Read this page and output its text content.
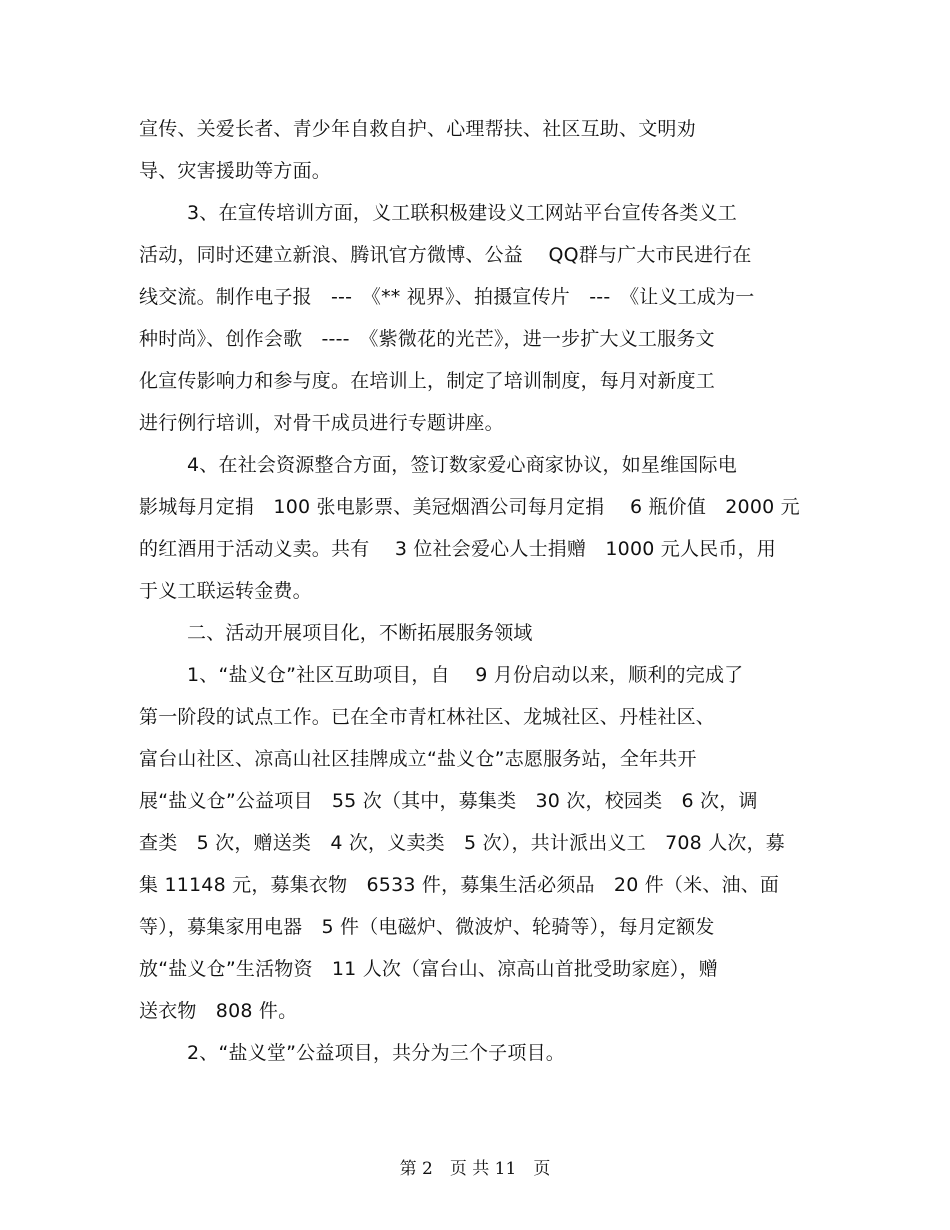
宣传、关爱长者、青少年自救自护、心理帮扶、社区互助、文明劝
导、灾害援助等方面。
3、在宣传培训方面，义工联积极建设义工网站平台宣传各类义工
活动，同时还建立新浪、腾讯官方微博、公益　 QQ群与广大市民进行在
线交流。制作电子报　---　《** 视界》、拍摄宣传片　---　《让义工成为一
种时尚》、创作会歌　----　《紫微花的光芒》，进一步扩大义工服务文
化宣传影响力和参与度。在培训上，制定了培训制度，每月对新度工
进行例行培训，对骨干成员进行专题讲座。
4、在社会资源整合方面，签订数家爱心商家协议，如星维国际电
影城每月定捐　100 张电影票、美冠烟酒公司每月定捐　 6 瓶价值　2000 元
的红酒用于活动义卖。共有　 3 位社会爱心人士捐赠　1000 元人民币，用
于义工联运转金费。
二、活动开展项目化，不断拓展服务领域
1、“盐义仓”社区互助项目，自　 9 月份启动以来，顺利的完成了
第一阶段的试点工作。已在全市青杠林社区、龙城社区、丹桂社区、
富台山社区、凉高山社区挂牌成立“盐义仓”志愿服务站，全年共开
展“盐义仓”公益项目　55 次（其中，募集类　30 次，校园类　6 次，调
查类　5 次，赠送类　4 次，义卖类　5 次），共计派出义工　708 人次，募
集 11148 元，募集衣物　6533 件，募集生活必须品　20 件（米、油、面
等），募集家用电器　5 件（电磁炉、微波炉、轮骑等），每月定额发
放“盐义仓”生活物资　11 人次（富台山、凉高山首批受助家庭），赠
送衣物　808 件。
2、“盐义堂”公益项目，共分为三个子项目。
第 2　页 共 11　页
